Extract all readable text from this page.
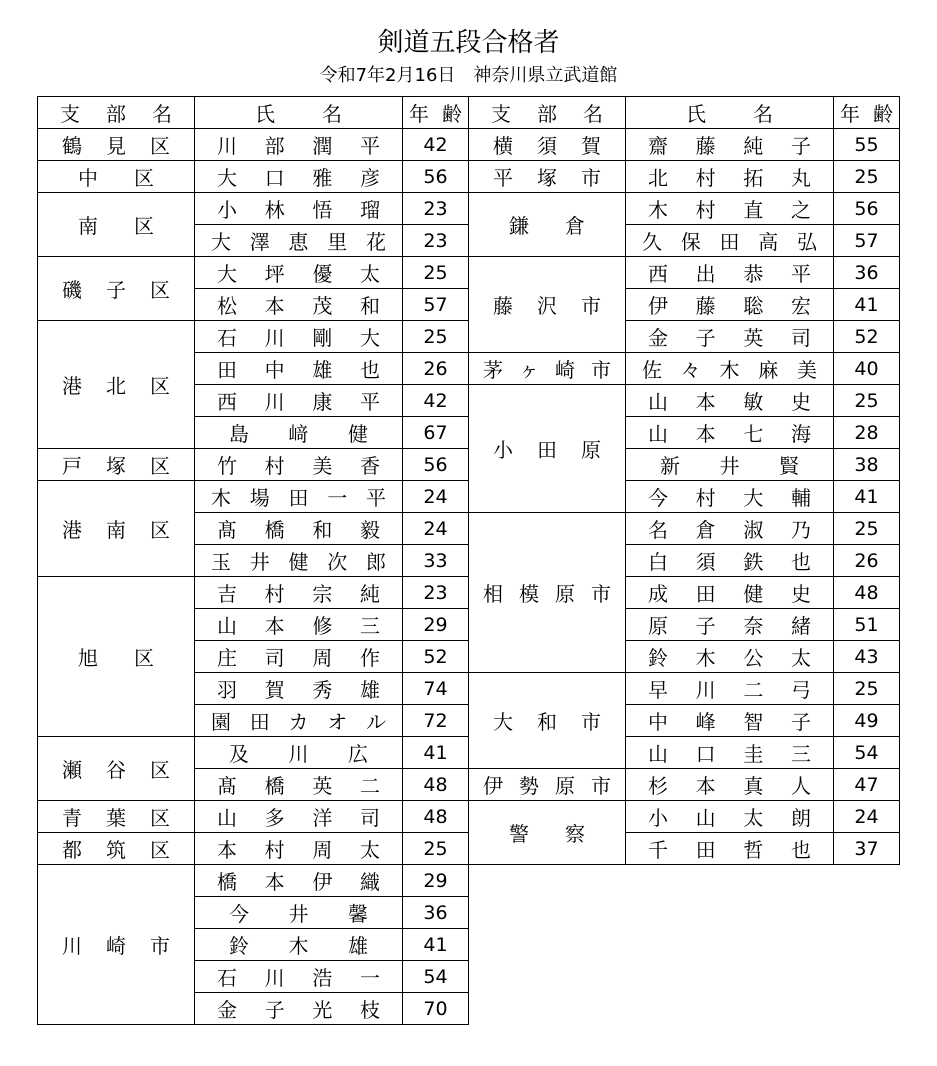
剣道五段合格者
令和7年2月16日　神奈川県立武道館
支 部 名	氏 名	年 齢

鶴 見 区	川 部 潤 平	42

中 区	大 口 雅 彦	56

南 区	小 林 悟 瑠	23

	大 澤 恵 里 花	23

磯 子 区	大 坪 優 太	25

	松 本 茂 和	57

港 北 区	石 川 剛 大	25

	田 中 雄 也	26

	西 川 康 平	42

	島 﨑 健	67

戸 塚 区	竹 村 美 香	56

港 南 区	木 場 田 一 平	24

	髙 橋 和 毅	24

	玉 井 健 次 郎	33

旭 区	吉 村 宗 純	23

	山 本 修 三	29

	庄 司 周 作	52

	羽 賀 秀 雄	74

	園 田 カ オ ル	72

瀬 谷 区	及 川 広	41

	髙 橋 英 二	48

青 葉 区	山 多 洋 司	48

都 筑 区	本 村 周 太	25

川 崎 市	橋 本 伊 織	29

	今 井 馨	36

	鈴 木 雄	41

	石 川 浩 一	54

	金 子 光 枝	70
支 部 名	氏 名	年 齢

横 須 賀	齋 藤 純 子	55

平 塚 市	北 村 拓 丸	25

鎌 倉	木 村 直 之	56

	久 保 田 高 弘	57

藤 沢 市	西 出 恭 平	36

	伊 藤 聡 宏	41

	金 子 英 司	52

茅 ヶ 崎 市	佐 々 木 麻 美	40

小 田 原	山 本 敏 史	25

	山 本 七 海	28

	新 井 賢	38

	今 村 大 輔	41

相 模 原 市	名 倉 淑 乃	25

	白 須 鉄 也	26

	成 田 健 史	48

	原 子 奈 緒	51

	鈴 木 公 太	43

大 和 市	早 川 二 弓	25

	中 峰 智 子	49

	山 口 圭 三	54

伊 勢 原 市	杉 本 真 人	47

警 察	小 山 太 朗	24

	千 田 哲 也	37
